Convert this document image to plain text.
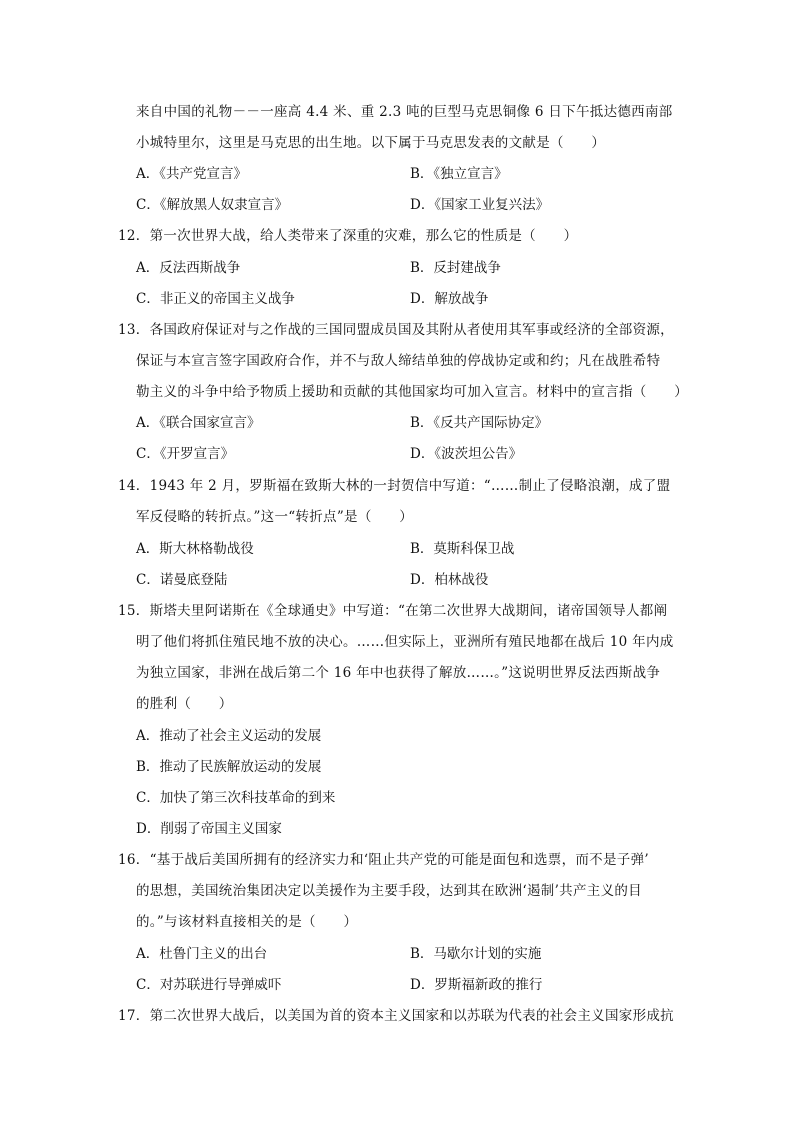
来自中国的礼物－－一座高 4.4 米、重 2.3 吨的巨型马克思铜像 6 日下午抵达德西南部
小城特里尔，这里是马克思的出生地。以下属于马克思发表的文献是（　　）
A．《共产党宣言》	B．《独立宣言》
C．《解放黑人奴隶宣言》	D．《国家工业复兴法》
12．第一次世界大战，给人类带来了深重的灾难，那么它的性质是（　　）
A．反法西斯战争	B．反封建战争
C．非正义的帝国主义战争	D．解放战争
13．各国政府保证对与之作战的三国同盟成员国及其附从者使用其军事或经济的全部资源，
保证与本宣言签字国政府合作，并不与敌人缔结单独的停战协定或和约；凡在战胜希特
勒主义的斗争中给予物质上援助和贡献的其他国家均可加入宣言。材料中的宣言指（　　）
A．《联合国家宣言》	B．《反共产国际协定》
C．《开罗宣言》	D．《波茨坦公告》
14．1943 年 2 月，罗斯福在致斯大林的一封贺信中写道：“……制止了侵略浪潮，成了盟
军反侵略的转折点。”这一“转折点”是（　　）
A．斯大林格勒战役	B．莫斯科保卫战
C．诺曼底登陆	D．柏林战役
15．斯塔夫里阿诺斯在《全球通史》中写道：“在第二次世界大战期间，诸帝国领导人都阐
明了他们将抓住殖民地不放的决心。……但实际上，亚洲所有殖民地都在战后 10 年内成
为独立国家，非洲在战后第二个 16 年中也获得了解放……。”这说明世界反法西斯战争
的胜利（　　）
A．推动了社会主义运动的发展
B．推动了民族解放运动的发展
C．加快了第三次科技革命的到来
D．削弱了帝国主义国家
16．“基于战后美国所拥有的经济实力和‘阻止共产党的可能是面包和选票，而不是子弹’
的思想，美国统治集团决定以美援作为主要手段，达到其在欧洲‘遏制’共产主义的目
的。”与该材料直接相关的是（　　）
A．杜鲁门主义的出台	B．马歇尔计划的实施
C．对苏联进行导弹威吓	D．罗斯福新政的推行
17．第二次世界大战后，以美国为首的资本主义国家和以苏联为代表的社会主义国家形成抗
